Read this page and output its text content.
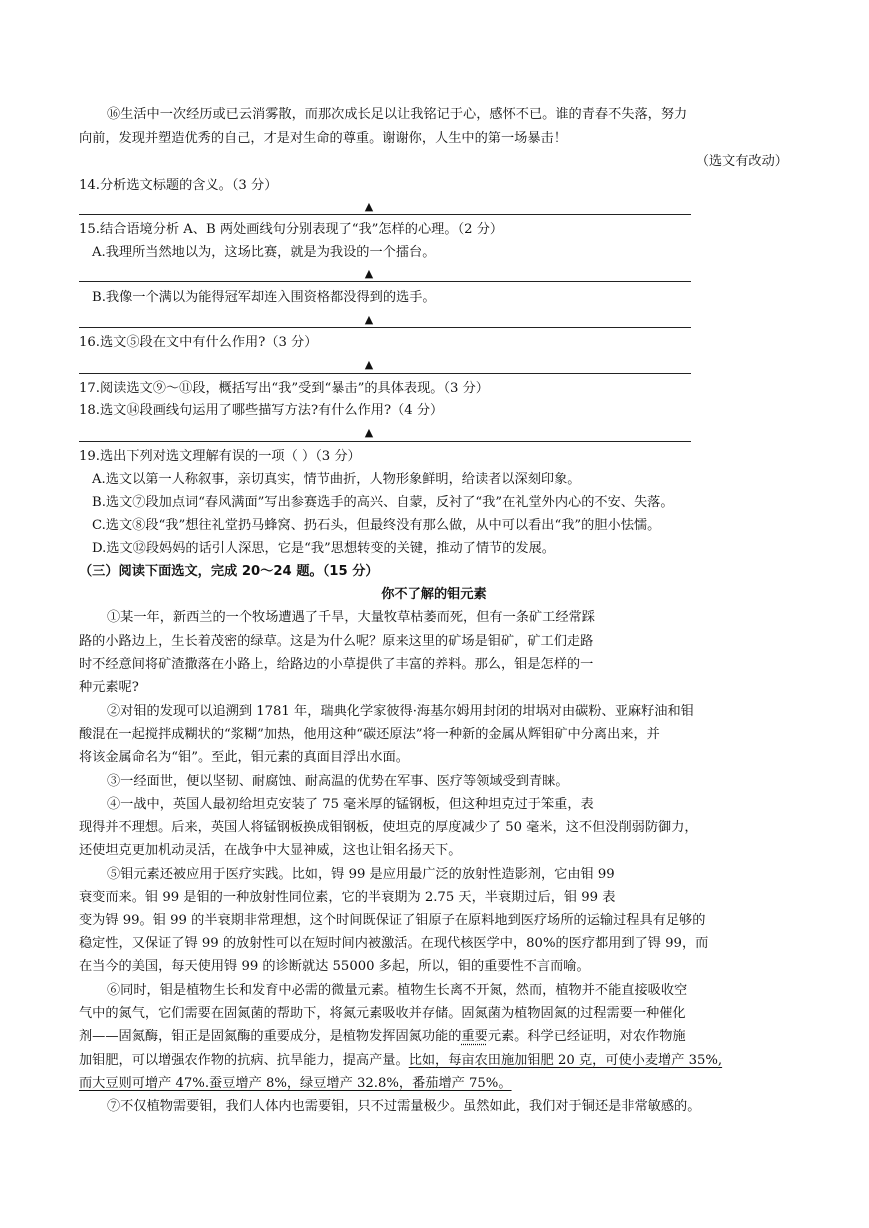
⑯生活中一次经历或已云消雾散，而那次成长足以让我铭记于心，感怀不已。谁的青春不失落，努力
向前，发现并塑造优秀的自己，才是对生命的尊重。谢谢你，人生中的第一场暴击！
（选文有改动）
14.分析选文标题的含义。（3 分）
▲
15.结合语境分析 A、B 两处画线句分别表现了“我”怎样的心理。（2 分）
A.我理所当然地以为，这场比赛，就是为我设的一个擂台。
▲
B.我像一个满以为能得冠军却连入围资格都没得到的选手。
▲
16.选文⑤段在文中有什么作用?（3 分）
▲
17.阅读选文⑨～⑪段，概括写出“我”受到“暴击”的具体表现。（3 分）
18.选文⑭段画线句运用了哪些描写方法?有什么作用?（4 分）
▲
19.选出下列对选文理解有误的一项（ ）（3 分）
A.选文以第一人称叙事，亲切真实，情节曲折，人物形象鲜明，给读者以深刻印象。
B.选文⑦段加点词“春风满面”写出参赛选手的高兴、自蒙，反衬了“我”在礼堂外内心的不安、失落。
C.选文⑧段“我”想往礼堂扔马蜂窝、扔石头，但最终没有那么做，从中可以看出“我”的胆小怯懦。
D.选文⑫段妈妈的话引人深思，它是“我”思想转变的关键，推动了情节的发展。
（三）阅读下面选文，完成 20～24 题。（15 分）
你不了解的钼元素
①某一年，新西兰的一个牧场遭遇了千旱，大量牧草枯萎而死，但有一条矿工经常踩
路的小路边上，生长着茂密的绿草。这是为什么呢？原来这里的矿场是钼矿，矿工们走路
时不经意间将矿渣撒落在小路上，给路边的小草提供了丰富的养料。那么，钼是怎样的一
种元素呢?
②对钼的发现可以追溯到 1781 年，瑞典化学家彼得·海基尔姆用封闭的坩埚对由碳粉、亚麻籽油和钼
酸混在一起搅拌成糊状的“浆糊”加热，他用这种“碳还原法”将一种新的金属从辉钼矿中分离出来，并
将该金属命名为“钼”。至此，钼元素的真面目浮出水面。
③一经面世，便以坚韧、耐腐蚀、耐高温的优势在军事、医疗等领域受到青睐。
④一战中，英国人最初给坦克安装了 75 毫米厚的锰钢板，但这种坦克过于笨重，表
现得并不理想。后来，英国人将锰钢板换成钼钢板，使坦克的厚度减少了 50 毫米，这不但没削弱防御力，
还使坦克更加机动灵活，在战争中大显神威，这也让钼名扬天下。
⑤钼元素还被应用于医疗实践。比如，锝 99 是应用最广泛的放射性造影剂，它由钼 99
衰变而来。钼 99 是钼的一种放射性同位素，它的半衰期为 2.75 天，半衰期过后，钼 99 表
变为锝 99。钼 99 的半衰期非常理想，这个时间既保证了钼原子在原料地到医疗场所的运输过程具有足够的
稳定性，又保证了锝 99 的放射性可以在短时间内被激活。在现代核医学中，80%的医疗都用到了锝 99，而
在当今的美国，每天使用锝 99 的诊断就达 55000 多起，所以，钼的重要性不言而喻。
⑥同时，钼是植物生长和发育中必需的微量元素。植物生长离不开氮，然而，植物并不能直接吸收空
气中的氮气，它们需要在固氮菌的帮助下，将氮元素吸收并存储。固氮菌为植物固氮的过程需要一种催化
剂——固氮酶，钼正是固氮酶的重要成分，是植物发挥固氮功能的重要元素。科学已经证明，对农作物施
加钼肥，可以增强农作物的抗病、抗旱能力，提高产量。比如，每亩农田施加钼肥 20 克，可使小麦增产 35%,
而大豆则可增产 47%.蚕豆增产 8%，绿豆增产 32.8%，番茄增产 75%。
⑦不仅植物需要钼，我们人体内也需要钼，只不过需量极少。虽然如此，我们对于铜还是非常敏感的。
